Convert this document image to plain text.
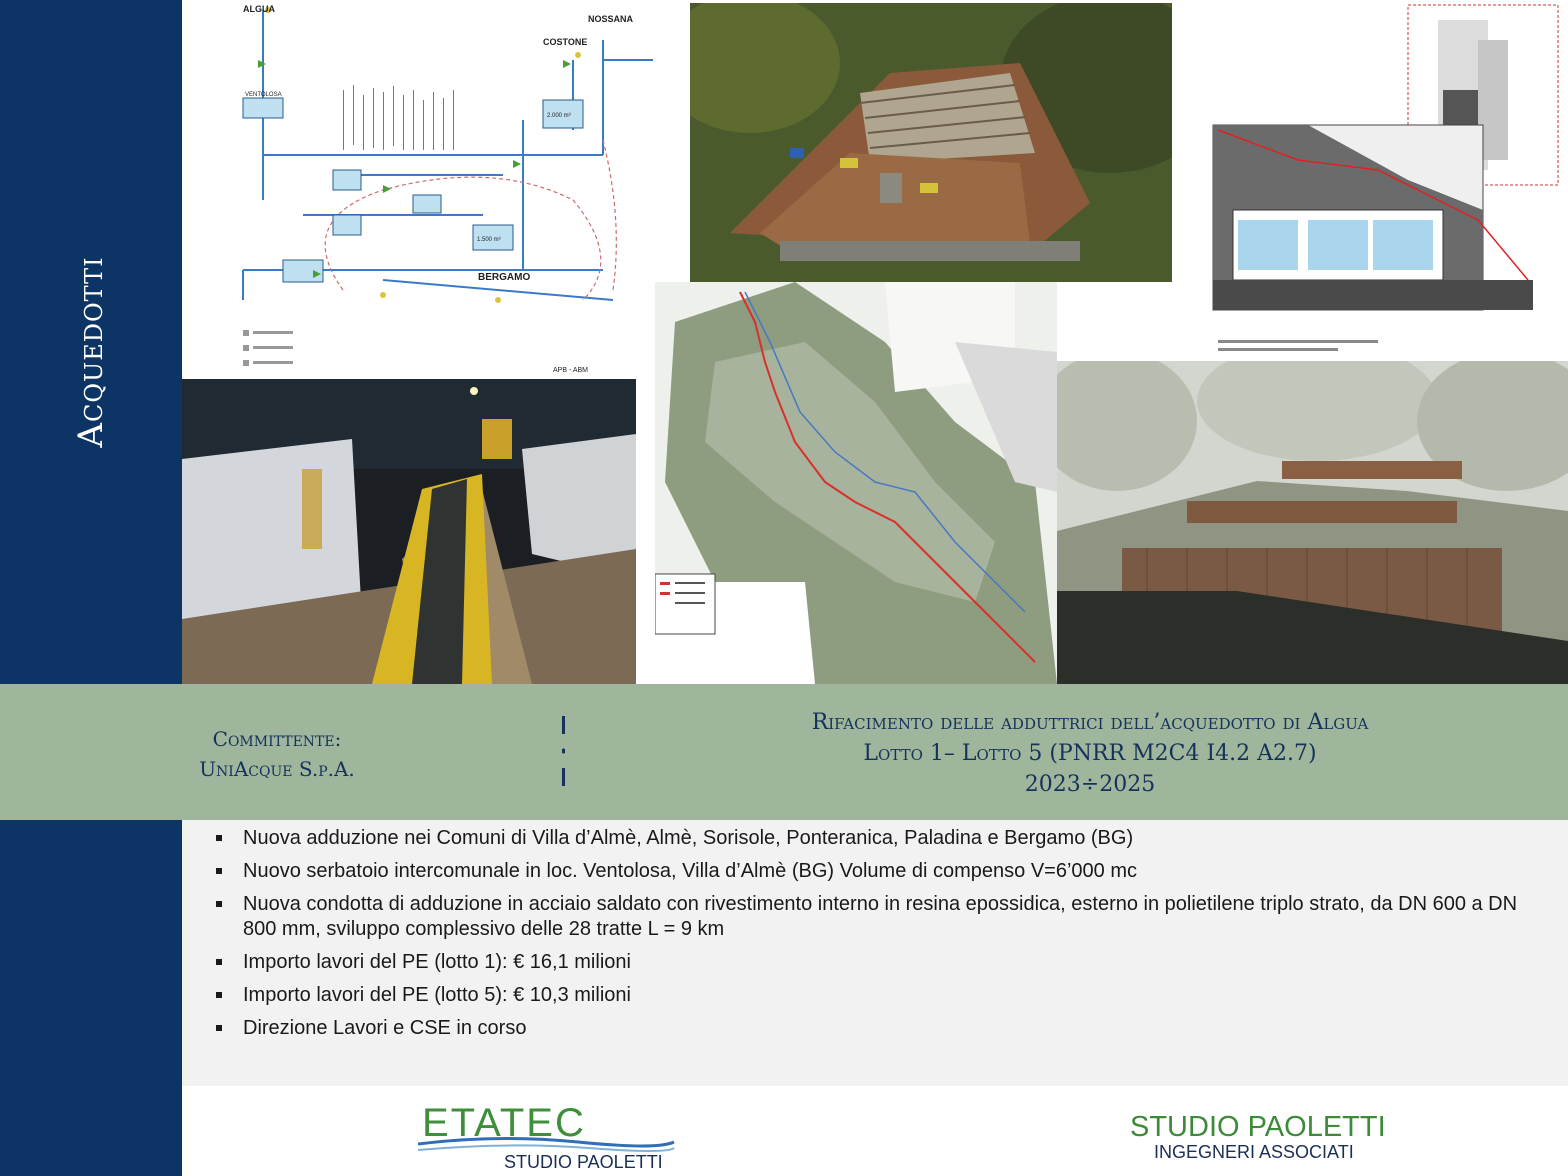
Acquedotti
ALGUA
NOSSANA
COSTONE
BERGAMO
VENTOLOSA
2.000 m³
1.500 m³
APB - ABM
Committente:
UniAcque S.p.A.
Rifacimento delle adduttrici dell’acquedotto di Algua
Lotto 1– Lotto 5 (PNRR M2C4 I4.2 A2.7)
2023÷2025
Nuova adduzione nei Comuni di Villa d’Almè, Almè, Sorisole, Ponteranica, Paladina e Bergamo (BG)
Nuovo serbatoio intercomunale in loc. Ventolosa, Villa d’Almè (BG) Volume di compenso V=6’000 mc
Nuova condotta di adduzione in acciaio saldato con rivestimento interno in resina epossidica, esterno in polietilene triplo strato, da DN 600 a DN 800 mm, sviluppo complessivo delle 28 tratte L = 9 km
Importo lavori del PE (lotto 1): € 16,1 milioni
Importo lavori del PE (lotto 5): € 10,3 milioni
Direzione Lavori e CSE in corso
ETATEC
STUDIO PAOLETTI
STUDIO PAOLETTI
INGEGNERI ASSOCIATI
